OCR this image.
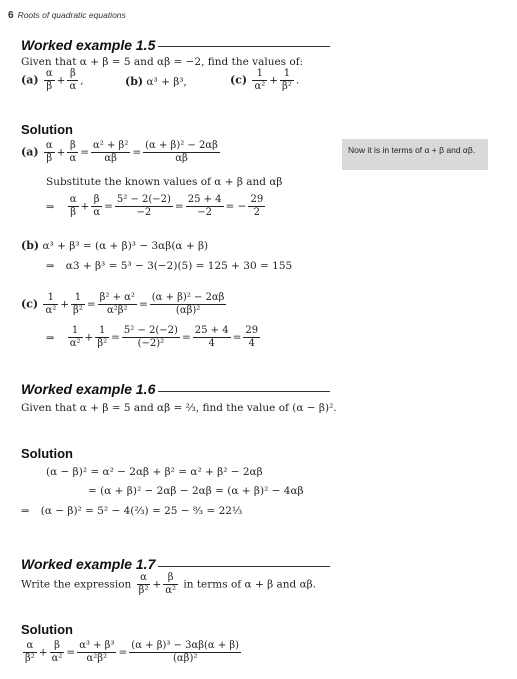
6 Roots of quadratic equations
Worked example 1.5
Given that α + β = 5 and αβ = −2, find the values of:
$(a) \frac{\alpha}{\beta} + \frac{\beta}{\alpha}$ ,	(b) α³ + β³,	$(c) \frac{1}{\text{α²}} + \frac{1}{\text{β²}}$ .
Solution
Now it is in terms of α + β and αβ.
$(a) \frac{\alpha}{\beta} + \frac{\beta}{\alpha} = \frac{\text{α² + β²}}{\alpha\beta} = \frac{\text{(α + β)² − 2αβ}}{\alpha\beta}$
Substitute the known values of α + β and αβ
⇒ $\frac{\alpha}{\beta} + \frac{\beta}{\alpha} = \frac{\text{5² − 2(−2)}}{-2} = \frac{25 + 4}{-2}$ = − $\frac{29}{2}$
(b) α³ + β³ = (α + β)³ − 3αβ(α + β)
⇒ α3 + β³ = 5³ − 3(−2)(5) = 125 + 30 = 155
$(c) \frac{1}{\text{α²}} + \frac{1}{\text{β²}} = \frac{\text{β² + α²}}{\text{α²β²}} = \frac{\text{(α + β)² − 2αβ}}{\text{(αβ)²}}$
⇒ $\frac{1}{\text{α²}} + \frac{1}{\text{β²}} = \frac{\text{5² − 2(−2)}}{\text{(−2)²}} = \frac{25 + 4}{4} = \frac{29}{4}$
Worked example 1.6
Given that α + β = 5 and αβ = ⅔, find the value of (α − β)².
Solution
(α − β)² = α² − 2αβ + β² = α² + β² − 2αβ
= (α + β)² − 2αβ − 2αβ = (α + β)² − 4αβ
⇒ (α − β)² = 5² − 4(⅔) = 25 − ⁸⁄₃ = 22⅓
Worked example 1.7
Write the expression $\frac{\alpha}{\text{β²}} + \frac{\beta}{\text{α²}}$ in terms of α + β and αβ.
Solution
$\frac{\alpha}{\text{β²}} + \frac{\beta}{\text{α²}} = \frac{\text{α³ + β³}}{\text{α²β²}} = \frac{\text{(α + β)³ − 3αβ(α + β)}}{\text{(αβ)²}}$
